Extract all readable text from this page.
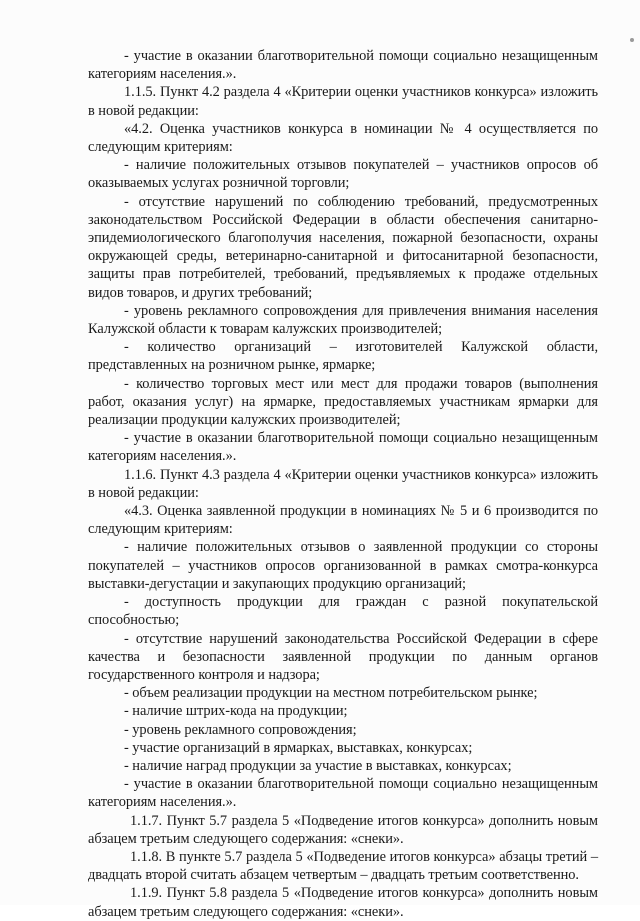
- участие в оказании благотворительной помощи социально незащищенным категориям населения.».

1.1.5. Пункт 4.2 раздела 4 «Критерии оценки участников конкурса» изложить в новой редакции:

«4.2. Оценка участников конкурса в номинации № 4 осуществляется по следующим критериям:

- наличие положительных отзывов покупателей – участников опросов об оказываемых услугах розничной торговли;

- отсутствие нарушений по соблюдению требований, предусмотренных законодательством Российской Федерации в области обеспечения санитарно-эпидемиологического благополучия населения, пожарной безопасности, охраны окружающей среды, ветеринарно-санитарной и фитосанитарной безопасности, защиты прав потребителей, требований, предъявляемых к продаже отдельных видов товаров, и других требований;

- уровень рекламного сопровождения для привлечения внимания населения Калужской области к товарам калужских производителей;

- количество организаций – изготовителей Калужской области, представленных на розничном рынке, ярмарке;

- количество торговых мест или мест для продажи товаров (выполнения работ, оказания услуг) на ярмарке, предоставляемых участникам ярмарки для реализации продукции калужских производителей;

- участие в оказании благотворительной помощи социально незащищенным категориям населения.».

1.1.6. Пункт 4.3 раздела 4 «Критерии оценки участников конкурса» изложить в новой редакции:

«4.3. Оценка заявленной продукции в номинациях № 5 и 6 производится по следующим критериям:

- наличие положительных отзывов о заявленной продукции со стороны покупателей – участников опросов организованной в рамках смотра-конкурса выставки-дегустации и закупающих продукцию организаций;

- доступность продукции для граждан с разной покупательской способностью;

- отсутствие нарушений законодательства Российской Федерации в сфере качества и безопасности заявленной продукции по данным органов государственного контроля и надзора;

- объем реализации продукции на местном потребительском рынке;

- наличие штрих-кода на продукции;

- уровень рекламного сопровождения;

- участие организаций в ярмарках, выставках, конкурсах;

- наличие наград продукции за участие в выставках, конкурсах;

- участие в оказании благотворительной помощи социально незащищенным категориям населения.».

1.1.7. Пункт 5.7 раздела 5 «Подведение итогов конкурса» дополнить новым абзацем третьим следующего содержания: «снеки».

1.1.8. В пункте 5.7 раздела 5 «Подведение итогов конкурса» абзацы третий – двадцать второй считать абзацем четвертым – двадцать третьим соответственно.

1.1.9. Пункт 5.8 раздела 5 «Подведение итогов конкурса» дополнить новым абзацем третьим следующего содержания: «снеки».
